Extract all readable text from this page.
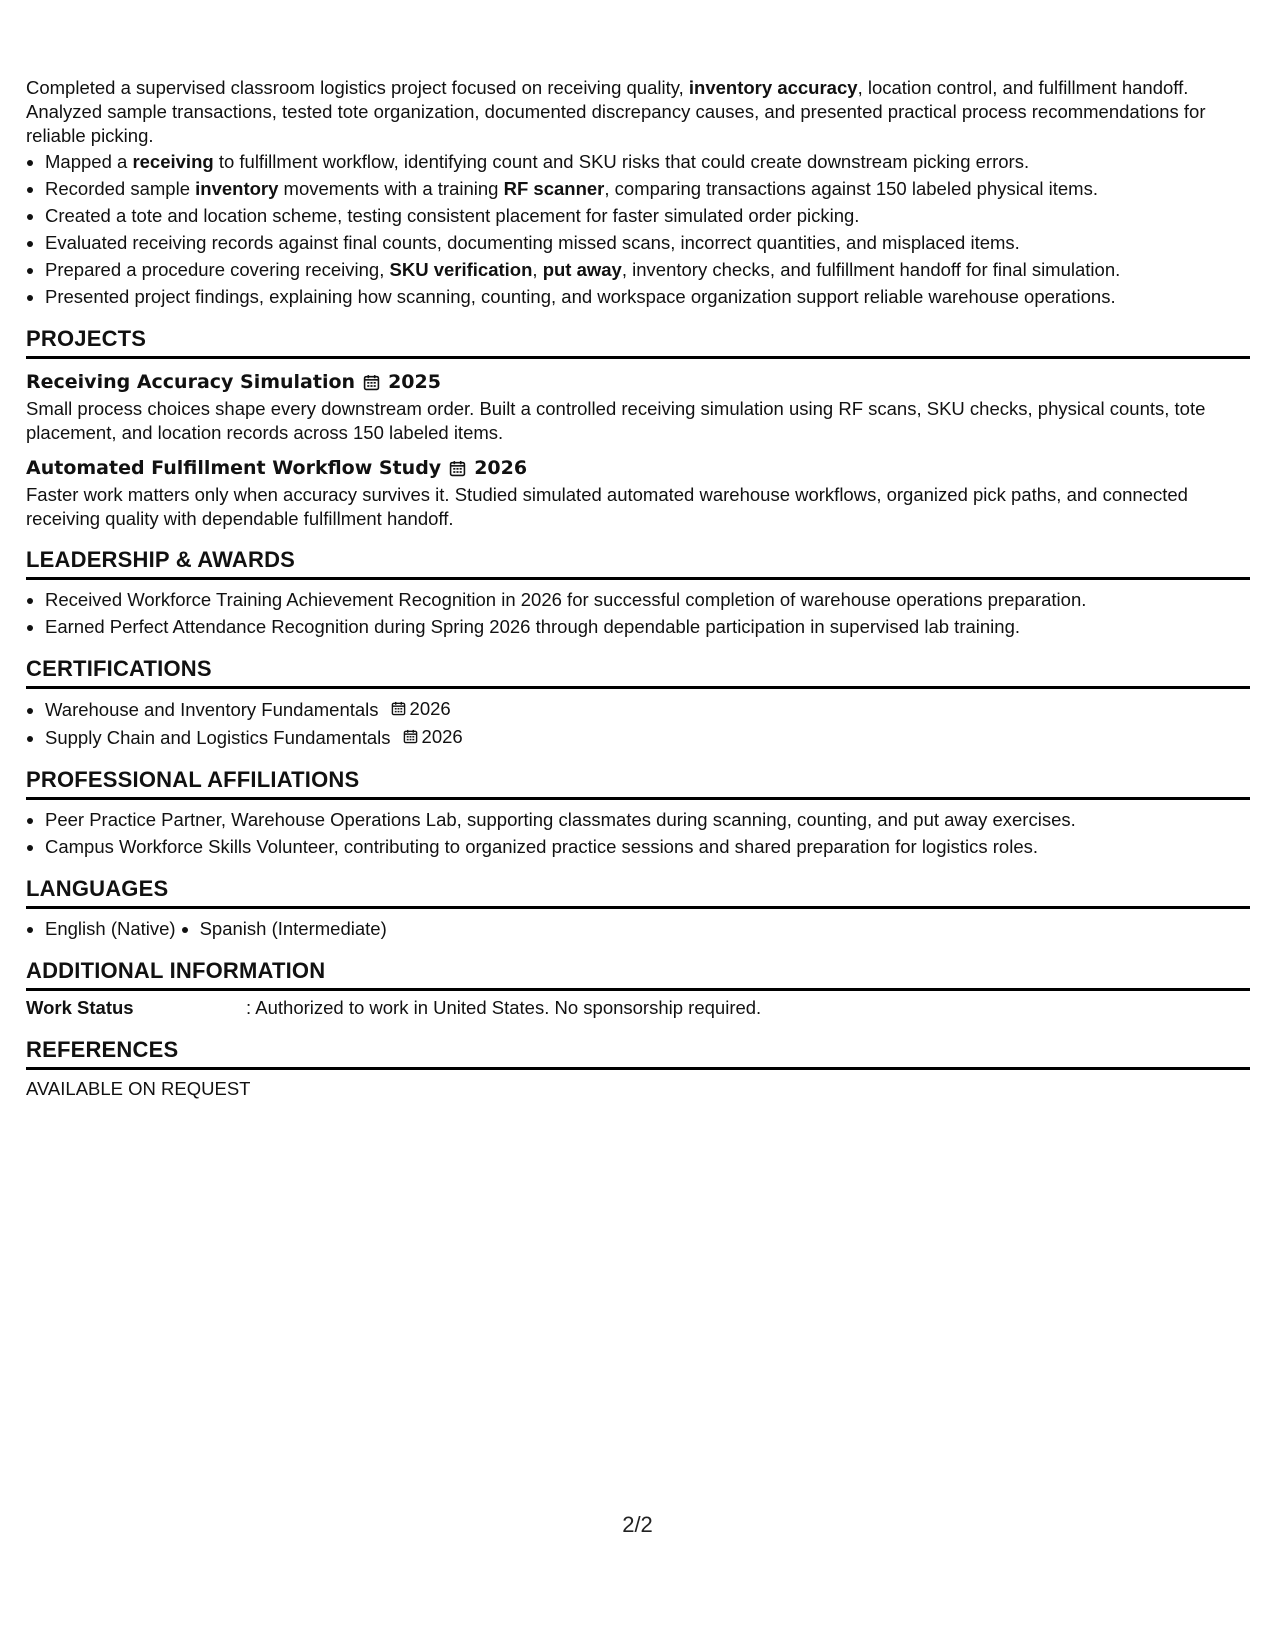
Completed a supervised classroom logistics project focused on receiving quality, inventory accuracy, location control, and fulfillment handoff. Analyzed sample transactions, tested tote organization, documented discrepancy causes, and presented practical process recommendations for reliable picking.

• Mapped a receiving to fulfillment workflow, identifying count and SKU risks that could create downstream picking errors.
• Recorded sample inventory movements with a training RF scanner, comparing transactions against 150 labeled physical items.
• Created a tote and location scheme, testing consistent placement for faster simulated order picking.
• Evaluated receiving records against final counts, documenting missed scans, incorrect quantities, and misplaced items.
• Prepared a procedure covering receiving, SKU verification, put away, inventory checks, and fulfillment handoff for final simulation.
• Presented project findings, explaining how scanning, counting, and workspace organization support reliable warehouse operations.
PROJECTS
Receiving Accuracy Simulation 2025

Small process choices shape every downstream order. Built a controlled receiving simulation using RF scans, SKU checks, physical counts, tote placement, and location records across 150 labeled items.

Automated Fulfillment Workflow Study 2026

Faster work matters only when accuracy survives it. Studied simulated automated warehouse workflows, organized pick paths, and connected receiving quality with dependable fulfillment handoff.

LEADERSHIP & AWARDS
• Received Workforce Training Achievement Recognition in 2026 for successful completion of warehouse operations preparation.
• Earned Perfect Attendance Recognition during Spring 2026 through dependable participation in supervised lab training.
CERTIFICATIONS
• Warehouse and Inventory Fundamentals 2026
• Supply Chain and Logistics Fundamentals 2026
PROFESSIONAL AFFILIATIONS
• Peer Practice Partner, Warehouse Operations Lab, supporting classmates during scanning, counting, and put away exercises.
• Campus Workforce Skills Volunteer, contributing to organized practice sessions and shared preparation for logistics roles.
LANGUAGES
• English (Native)
• Spanish (Intermediate)
ADDITIONAL INFORMATION
Work Status	: Authorized to work in United States. No sponsorship required.
REFERENCES
AVAILABLE ON REQUEST
2/2
